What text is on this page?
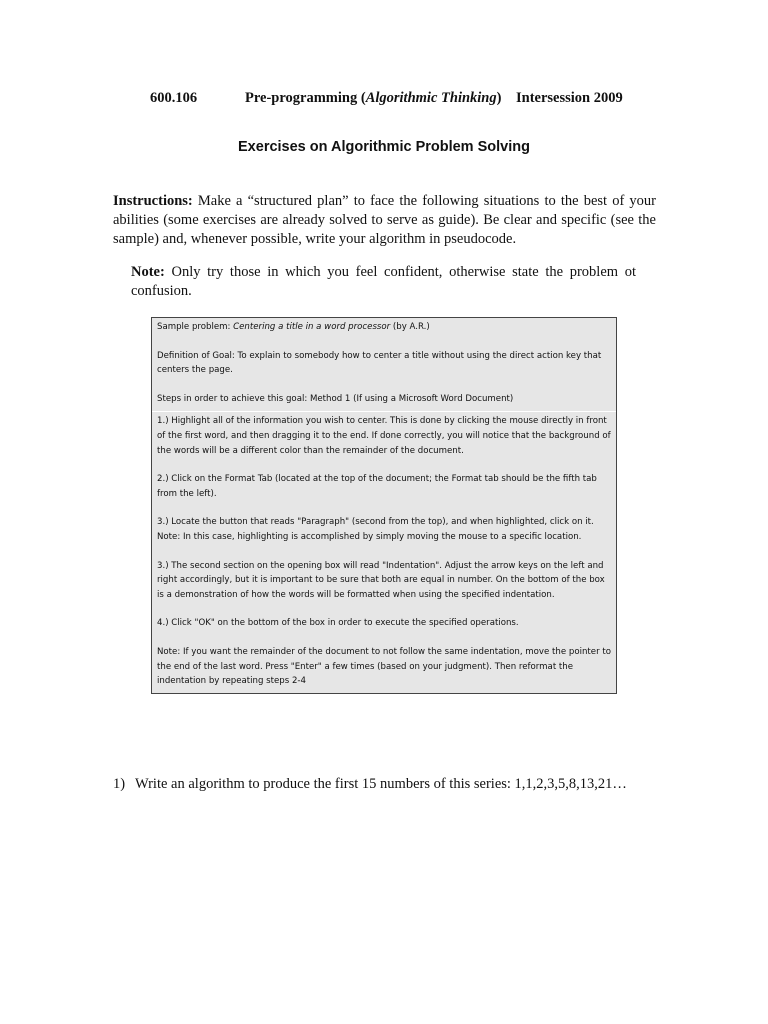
600.106	Pre-programming (Algorithmic Thinking) Intersession 2009
Exercises on Algorithmic Problem Solving
Instructions: Make a “structured plan” to face the following situations to the best of your abilities (some exercises are already solved to serve as guide). Be clear and specific (see the sample) and, whenever possible, write your algorithm in pseudocode.
Note: Only try those in which you feel confident, otherwise state the problem ot confusion.

Sample problem: Centering a title in a word processor (by A.R.)

Definition of Goal: To explain to somebody how to center a title without using the direct action key that centers the page.

Steps in order to achieve this goal: Method 1 (If using a Microsoft Word Document)

1.) Highlight all of the information you wish to center. This is done by clicking the mouse directly in front of the first word, and then dragging it to the end. If done correctly, you will notice that the background of the words will be a different color than the remainder of the document.

2.) Click on the Format Tab (located at the top of the document; the Format tab should be the fifth tab from the left).

3.) Locate the button that reads "Paragraph" (second from the top), and when highlighted, click on it. Note: In this case, highlighting is accomplished by simply moving the mouse to a specific location.

3.) The second section on the opening box will read "Indentation". Adjust the arrow keys on the left and right accordingly, but it is important to be sure that both are equal in number. On the bottom of the box is a demonstration of how the words will be formatted when using the specified indentation.

4.) Click "OK" on the bottom of the box in order to execute the specified operations.

Note: If you want the remainder of the document to not follow the same indentation, move the pointer to the end of the last word. Press "Enter" a few times (based on your judgment). Then reformat the indentation by repeating steps 2-4

1) Write an algorithm to produce the first 15 numbers of this series: 1,1,2,3,5,8,13,21…
